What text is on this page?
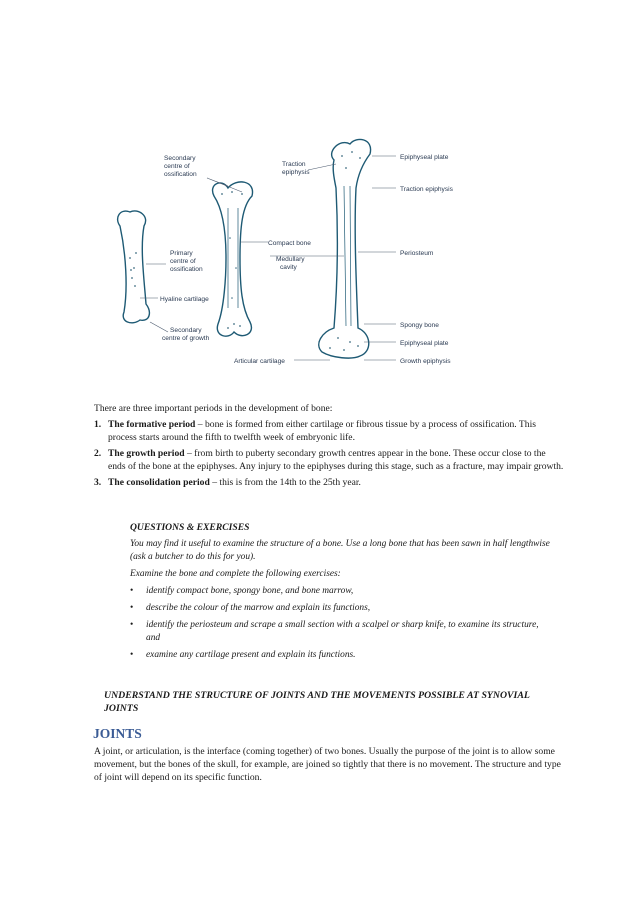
Secondary centre of ossification
Traction epiphysis
Epiphyseal plate
Traction epiphysis
Compact bone
Medullary cavity
Periosteum
Primary centre of ossification
Hyaline cartilage
Secondary centre of growth
Articular cartilage
Spongy bone
Epiphyseal plate
Growth epiphysis

There are three important periods in the development of bone:

1. The formative period – bone is formed from either cartilage or fibrous tissue by a process of ossification. This process starts around the fifth to twelfth week of embryonic life.
2. The growth period – from birth to puberty secondary growth centres appear in the bone. These occur close to the ends of the bone at the epiphyses. Any injury to the epiphyses during this stage, such as a fracture, may impair growth.
3. The consolidation period – this is from the 14th to the 25th year.
QUESTIONS & EXERCISES

You may find it useful to examine the structure of a bone. Use a long bone that has been sawn in half lengthwise (ask a butcher to do this for you).

Examine the bone and complete the following exercises:

• identify compact bone, spongy bone, and bone marrow,
• describe the colour of the marrow and explain its functions,
• identify the periosteum and scrape a small section with a scalpel or sharp knife, to examine its structure, and
• examine any cartilage present and explain its functions.

UNDERSTAND THE STRUCTURE OF JOINTS AND THE MOVEMENTS POSSIBLE AT SYNOVIAL JOINTS

JOINTS

A joint, or articulation, is the interface (coming together) of two bones. Usually the purpose of the joint is to allow some movement, but the bones of the skull, for example, are joined so tightly that there is no movement. The structure and type of joint will depend on its specific function.
